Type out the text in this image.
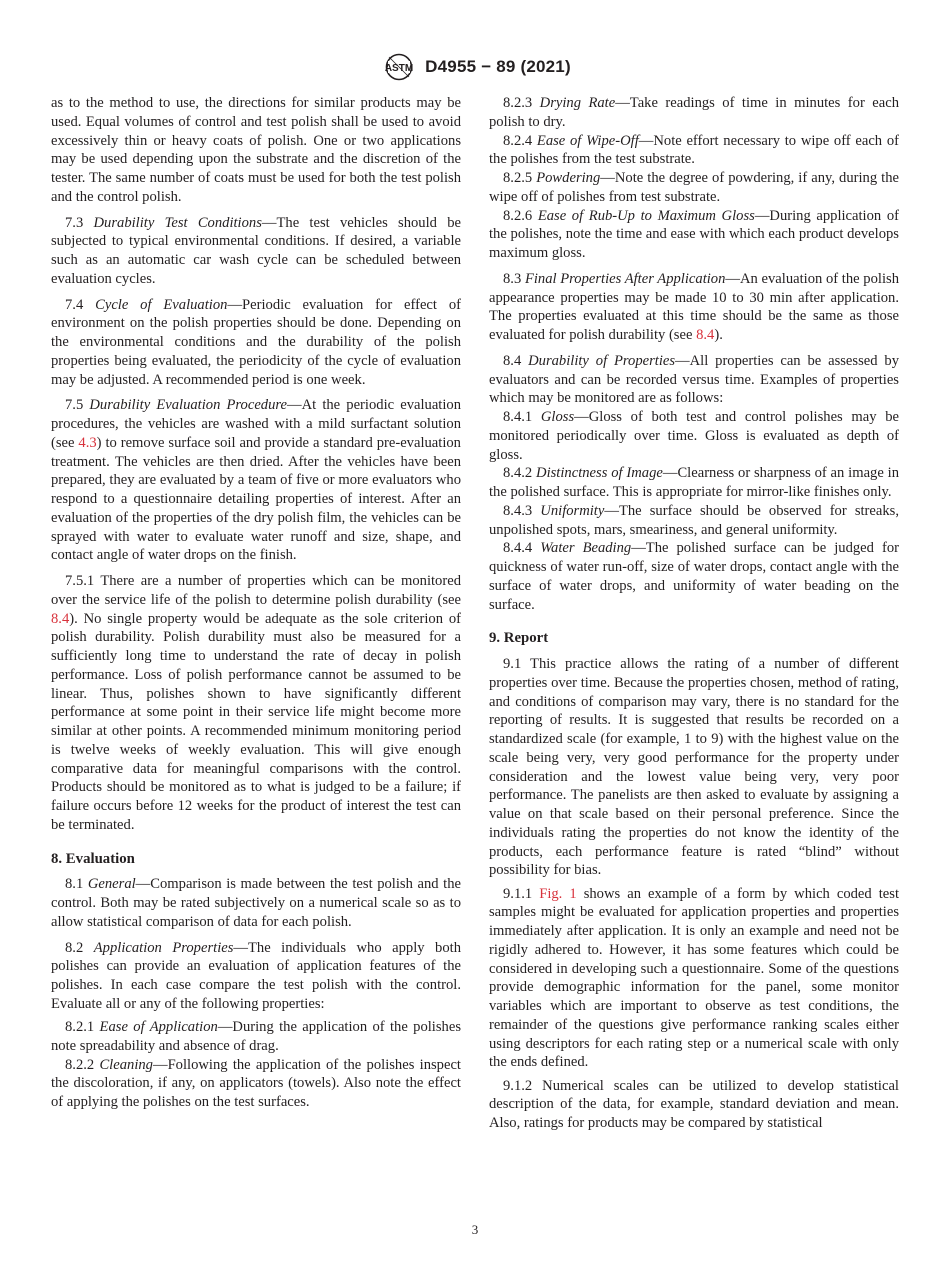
ASTM D4955 − 89 (2021)

as to the method to use, the directions for similar products may be used. Equal volumes of control and test polish shall be used to avoid excessively thin or heavy coats of polish. One or two applications may be used depending upon the substrate and the discretion of the tester. The same number of coats must be used for both the test polish and the control polish.

7.3 Durability Test Conditions—The test vehicles should be subjected to typical environmental conditions. If desired, a variable such as an automatic car wash cycle can be scheduled between evaluation cycles.

7.4 Cycle of Evaluation—Periodic evaluation for effect of environment on the polish properties should be done. Depending on the environmental conditions and the durability of the polish properties being evaluated, the periodicity of the cycle of evaluation may be adjusted. A recommended period is one week.

7.5 Durability Evaluation Procedure—At the periodic evaluation procedures, the vehicles are washed with a mild surfactant solution (see 4.3) to remove surface soil and provide a standard pre-evaluation treatment. The vehicles are then dried. After the vehicles have been prepared, they are evaluated by a team of five or more evaluators who respond to a questionnaire detailing properties of interest. After an evaluation of the properties of the dry polish film, the vehicles can be sprayed with water to evaluate water runoff and size, shape, and contact angle of water drops on the finish.

7.5.1 There are a number of properties which can be monitored over the service life of the polish to determine polish durability (see 8.4). No single property would be adequate as the sole criterion of polish durability. Polish durability must also be measured for a sufficiently long time to understand the rate of decay in polish performance. Loss of polish performance cannot be assumed to be linear. Thus, polishes shown to have significantly different performance at some point in their service life might become more similar at other points. A recommended minimum monitoring period is twelve weeks of weekly evaluation. This will give enough comparative data for meaningful comparisons with the control. Products should be monitored as to what is judged to be a failure; if failure occurs before 12 weeks for the product of interest the test can be terminated.

8. Evaluation

8.1 General—Comparison is made between the test polish and the control. Both may be rated subjectively on a numerical scale so as to allow statistical comparison of data for each polish.

8.2 Application Properties—The individuals who apply both polishes can provide an evaluation of application features of the polishes. In each case compare the test polish with the control. Evaluate all or any of the following properties:

8.2.1 Ease of Application—During the application of the polishes note spreadability and absence of drag.

8.2.2 Cleaning—Following the application of the polishes inspect the discoloration, if any, on applicators (towels). Also note the effect of applying the polishes on the test surfaces.

8.2.3 Drying Rate—Take readings of time in minutes for each polish to dry.

8.2.4 Ease of Wipe-Off—Note effort necessary to wipe off each of the polishes from the test substrate.

8.2.5 Powdering—Note the degree of powdering, if any, during the wipe off of polishes from test substrate.

8.2.6 Ease of Rub-Up to Maximum Gloss—During application of the polishes, note the time and ease with which each product develops maximum gloss.

8.3 Final Properties After Application—An evaluation of the polish appearance properties may be made 10 to 30 min after application. The properties evaluated at this time should be the same as those evaluated for polish durability (see 8.4).

8.4 Durability of Properties—All properties can be assessed by evaluators and can be recorded versus time. Examples of properties which may be monitored are as follows:

8.4.1 Gloss—Gloss of both test and control polishes may be monitored periodically over time. Gloss is evaluated as depth of gloss.

8.4.2 Distinctness of Image—Clearness or sharpness of an image in the polished surface. This is appropriate for mirror-like finishes only.

8.4.3 Uniformity—The surface should be observed for streaks, unpolished spots, mars, smeariness, and general uniformity.

8.4.4 Water Beading—The polished surface can be judged for quickness of water run-off, size of water drops, contact angle with the surface of water drops, and uniformity of water beading on the surface.

9. Report

9.1 This practice allows the rating of a number of different properties over time. Because the properties chosen, method of rating, and conditions of comparison may vary, there is no standard for the reporting of results. It is suggested that results be recorded on a standardized scale (for example, 1 to 9) with the highest value on the scale being very, very good performance for the property under consideration and the lowest value being very, very poor performance. The panelists are then asked to evaluate by assigning a value on that scale based on their personal preference. Since the individuals rating the properties do not know the identity of the products, each performance feature is rated “blind” without possibility for bias.

9.1.1 Fig. 1 shows an example of a form by which coded test samples might be evaluated for application properties and properties immediately after application. It is only an example and need not be rigidly adhered to. However, it has some features which could be considered in developing such a questionnaire. Some of the questions provide demographic information for the panel, some monitor variables which are important to observe as test conditions, the remainder of the questions give performance ranking scales either using descriptors for each rating step or a numerical scale with only the ends defined.

9.1.2 Numerical scales can be utilized to develop statistical description of the data, for example, standard deviation and mean. Also, ratings for products may be compared by statistical

3
